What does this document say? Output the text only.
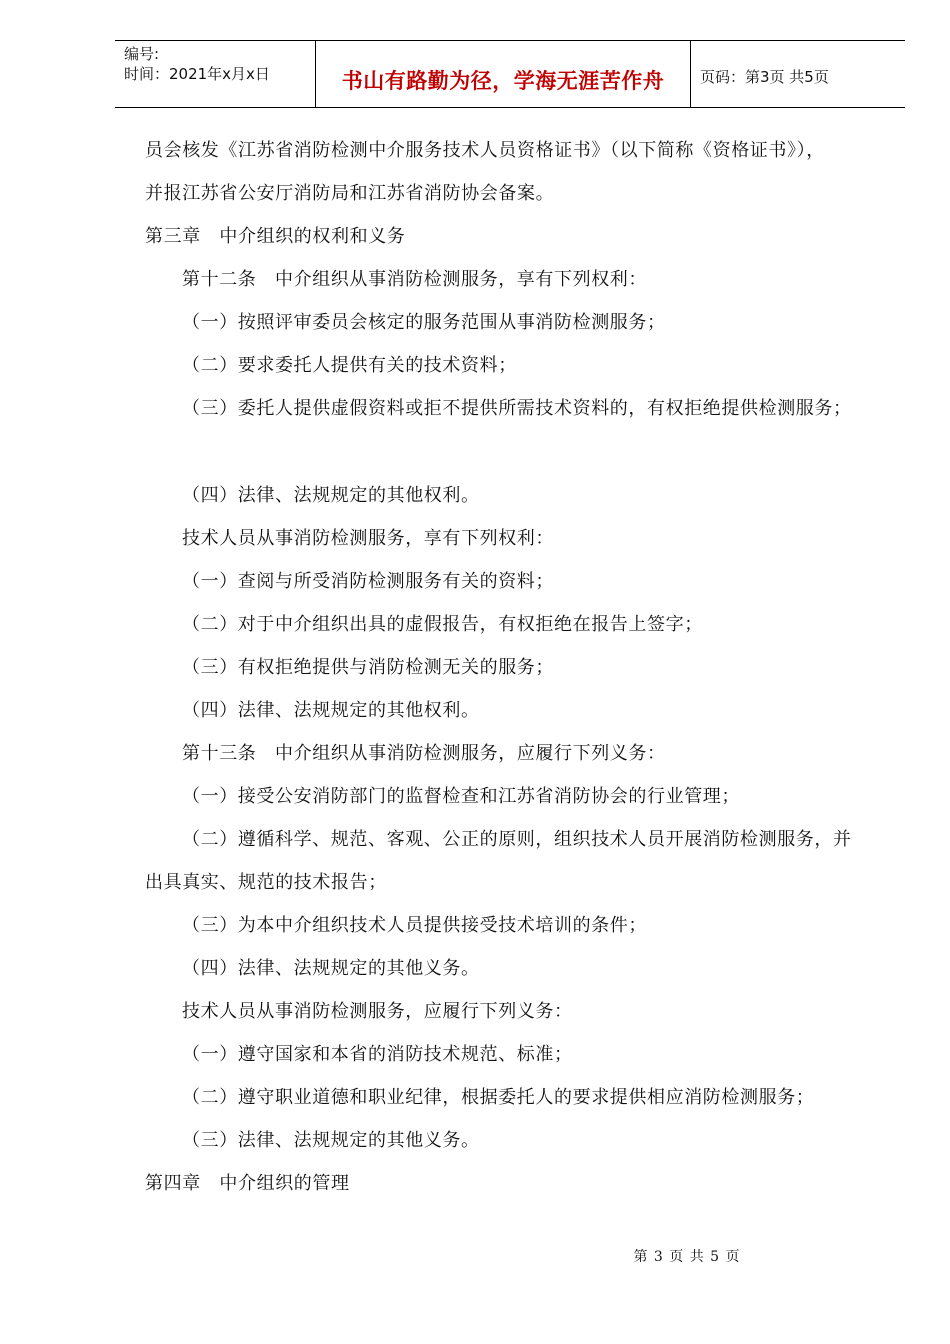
编号:
时间：2021年x月x日	书山有路勤为径，学海无涯苦作舟	页码：第3页 共5页
员会核发《江苏省消防检测中介服务技术人员资格证书》（以下简称《资格证书》），
并报江苏省公安厅消防局和江苏省消防协会备案。
第三章　中介组织的权利和义务
第十二条　中介组织从事消防检测服务，享有下列权利：
（一）按照评审委员会核定的服务范围从事消防检测服务；
（二）要求委托人提供有关的技术资料；
（三）委托人提供虚假资料或拒不提供所需技术资料的，有权拒绝提供检测服务；
（四）法律、法规规定的其他权利。
技术人员从事消防检测服务，享有下列权利：
（一）查阅与所受消防检测服务有关的资料；
（二）对于中介组织出具的虚假报告，有权拒绝在报告上签字；
（三）有权拒绝提供与消防检测无关的服务；
（四）法律、法规规定的其他权利。
第十三条　中介组织从事消防检测服务，应履行下列义务：
（一）接受公安消防部门的监督检查和江苏省消防协会的行业管理；
（二）遵循科学、规范、客观、公正的原则，组织技术人员开展消防检测服务，并
出具真实、规范的技术报告；
（三）为本中介组织技术人员提供接受技术培训的条件；
（四）法律、法规规定的其他义务。
技术人员从事消防检测服务，应履行下列义务：
（一）遵守国家和本省的消防技术规范、标准；
（二）遵守职业道德和职业纪律，根据委托人的要求提供相应消防检测服务；
（三）法律、法规规定的其他义务。
第四章　中介组织的管理
第 3 页 共 5 页
